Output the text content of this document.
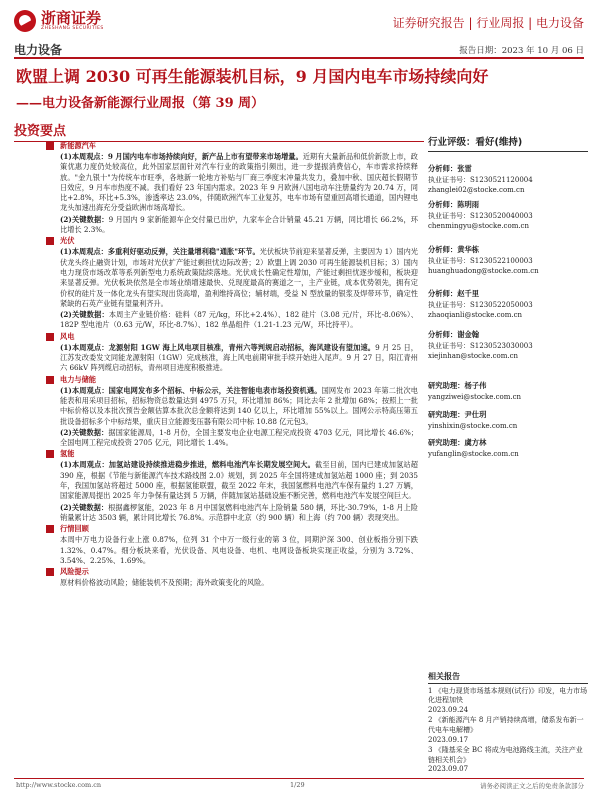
浙商证券
ZHESHANG SECURITIES	证券研究报告 | 行业周报 | 电力设备
电力设备	报告日期：2023 年 10 月 06 日
欧盟上调 2030 可再生能源装机目标，9 月国内电车市场持续向好
——电力设备新能源行业周报（第 39 周）
投资要点
新能源汽车
(1)本周观点：9 月国内电车市场持续向好，新产品上市有望带来市场增量。近期有大量新品和低价新款上市，政策优惠力度仍处较高位，此外国家层面针对汽车行业的政策指引频出，进一步提振消费信心，车市需求持续释放。"金九银十"为传统车市旺季，各地新一轮地方补贴与厂商三季度末冲量共发力，叠加中秋、国庆超长假期节日效应，9 月车市热度不减。我们看好 23 年国内需求。2023 年 9 月欧洲八国电动车注册量约为 20.74 万，同比+2.8%，环比+5.3%，渗透率达 23.0%，伴随欧洲汽车工业复苏，电车市场有望重回高增长通道，国内锂电龙头加速出海充分受益欧洲市场高增长。
(2)关键数据：9 月国内 9 家新能源车企交付量已出炉，九家车企合计销量 45.21 万辆，同比增长 66.2%，环比增长 2.3%。
光伏
(1)本周观点：多重利好驱动反弹，关注量增利稳"通胀"环节。光伏板块节前迎来显著反弹，主要因为 1）国内光伏龙头终止融资计划，市场对光伏扩产能过剩担忧边际改善；2）欧盟上调 2030 可再生能源装机目标；3）国内电力现货市场改革等系列新型电力系统政策陆续落地。光伏成长性确定性增加，产能过剩担忧逐步缓和，板块迎来显著反弹。光伏板块依然是全市场业绩增速最快、兑现度最高的赛道之一，主产业链，成本优势领先，拥有定价权的硅片及一体化龙头有望实现出货高增，盈利维持高位；辅材端，受益 N 型放量的银浆及焊带环节，确定性紧缺的石英产业链有望量利齐升。
(2)关键数据：本周主产业链价格：硅料（87 元/kg，环比+2.4%）、182 硅片（3.08 元/片，环比-8.06%）、182P 型电池片（0.63 元/W，环比-8.7%）、182 单晶组件（1.21-1.23 元/W，环比持平）。
风电
(1)本周观点：龙源射阳 1GW 海上风电项目核准，青州六等判规启动招标，海风建设有望加速。9 月 25 日，江苏发改委发文同能龙源射阳（1GW）完成核准，海上风电前期审批手续开始进入尾声。9 月 27 日，阳江青州六 66kV 阵列缆启动招标，青州项目进度积极推进。
电力与储能
(1)本周观点：国家电网发布多个招标、中标公示，关注智能电表市场投资机遇。国网发布 2023 年第二批次电能表和用采项目招标，招标物资总数量达到 4975 万只，环比增加 86%；同比去年 2 批增加 68%；按照上一批中标价格以及本批次预告金额估算本批次总金额将达到 140 亿以上，环比增加 55%以上。国网公示特高压第五批设备招标多个中标结果，重庆目立能源变压器有限公司中标 10.88 亿元包3。
(2)关键数据：据国家能源局，1-8 月份，全国主要发电企业电源工程完成投资 4703 亿元，同比增长 46.6%；全国电网工程完成投资 2705 亿元，同比增长 1.4%。
氢能
(1)本周观点：加氢站建设持续推进稳步推进，燃料电池汽车长期发展空间大。截至目前，国内已建成加氢站超 390 座，根据《节能与新能源汽车技术路线图 2.0》规划，到 2025 年全国将建成加氢站超 1000 座；到 2035 年，我国加氢站将超过 5000 座，根据氢能联盟，截至 2022 年末，我国氢燃料电池汽车保有量约 1.27 万辆，国家能源局提出 2025 年力争保有量达到 5 万辆，伴随加氢站基础设施不断完善，燃料电池汽车发展空间巨大。
(2)关键数据：根据鑫椤氢能，2023 年 8 月中国氢燃料电池汽车上险销量 580 辆，环比-30.79%，1-8 月上险销量累计达 3503 辆，累计同比增长 76.8%。示范群中北京（约 900 辆）和上海（约 700 辆）表现突出。
行情回顾
本周中万电力设备行业上涨 0.87%，位列 31 个中万一级行业的第 3 位，同期沪深 300、创业板指分别下跌 1.32%、0.47%。细分板块来看，光伏设备、风电设备、电机、电网设备板块实现正收益，分别为 3.72%、3.54%、2.25%、1.69%。
风险提示
原材料价格波动风险；储能装机不及预期；海外政策变化的风险。
行业评级：看好(维持)
分析师：张雷
执业证书号：S1230521120004
zhanglei02@stocke.com.cn
分析师：陈明雨
执业证书号：S1230520040003
chenmingyu@stocke.com.cn
分析师：黄华栋
执业证书号：S1230522100003
huanghuadong@stocke.com.cn
分析师：赵千里
执业证书号：S1230522050003
zhaoqianli@stocke.com.cn
分析师：谢金翰
执业证书号：S1230523030003
xiejinhan@stocke.com.cn
研究助理：杨子伟
yangziwei@stocke.com.cn
研究助理：尹仕玥
yinshixin@stocke.com.cn
研究助理：虞方林
yufanglin@stocke.com.cn
相关报告
1 《电力现货市场基本规则(试行)》印发，电力市场化进程加快
2023.09.24
2 《新能源汽车 8 月产销持续高增，储系发布新一代电车电解槽》
2023.09.17
3 《隆基采全 BC 将成为电池路线主流，关注产业链相关机会》
2023.09.07
http://www.stocke.com.cn	1/29	请务必阅读正文之后的免责条款部分
